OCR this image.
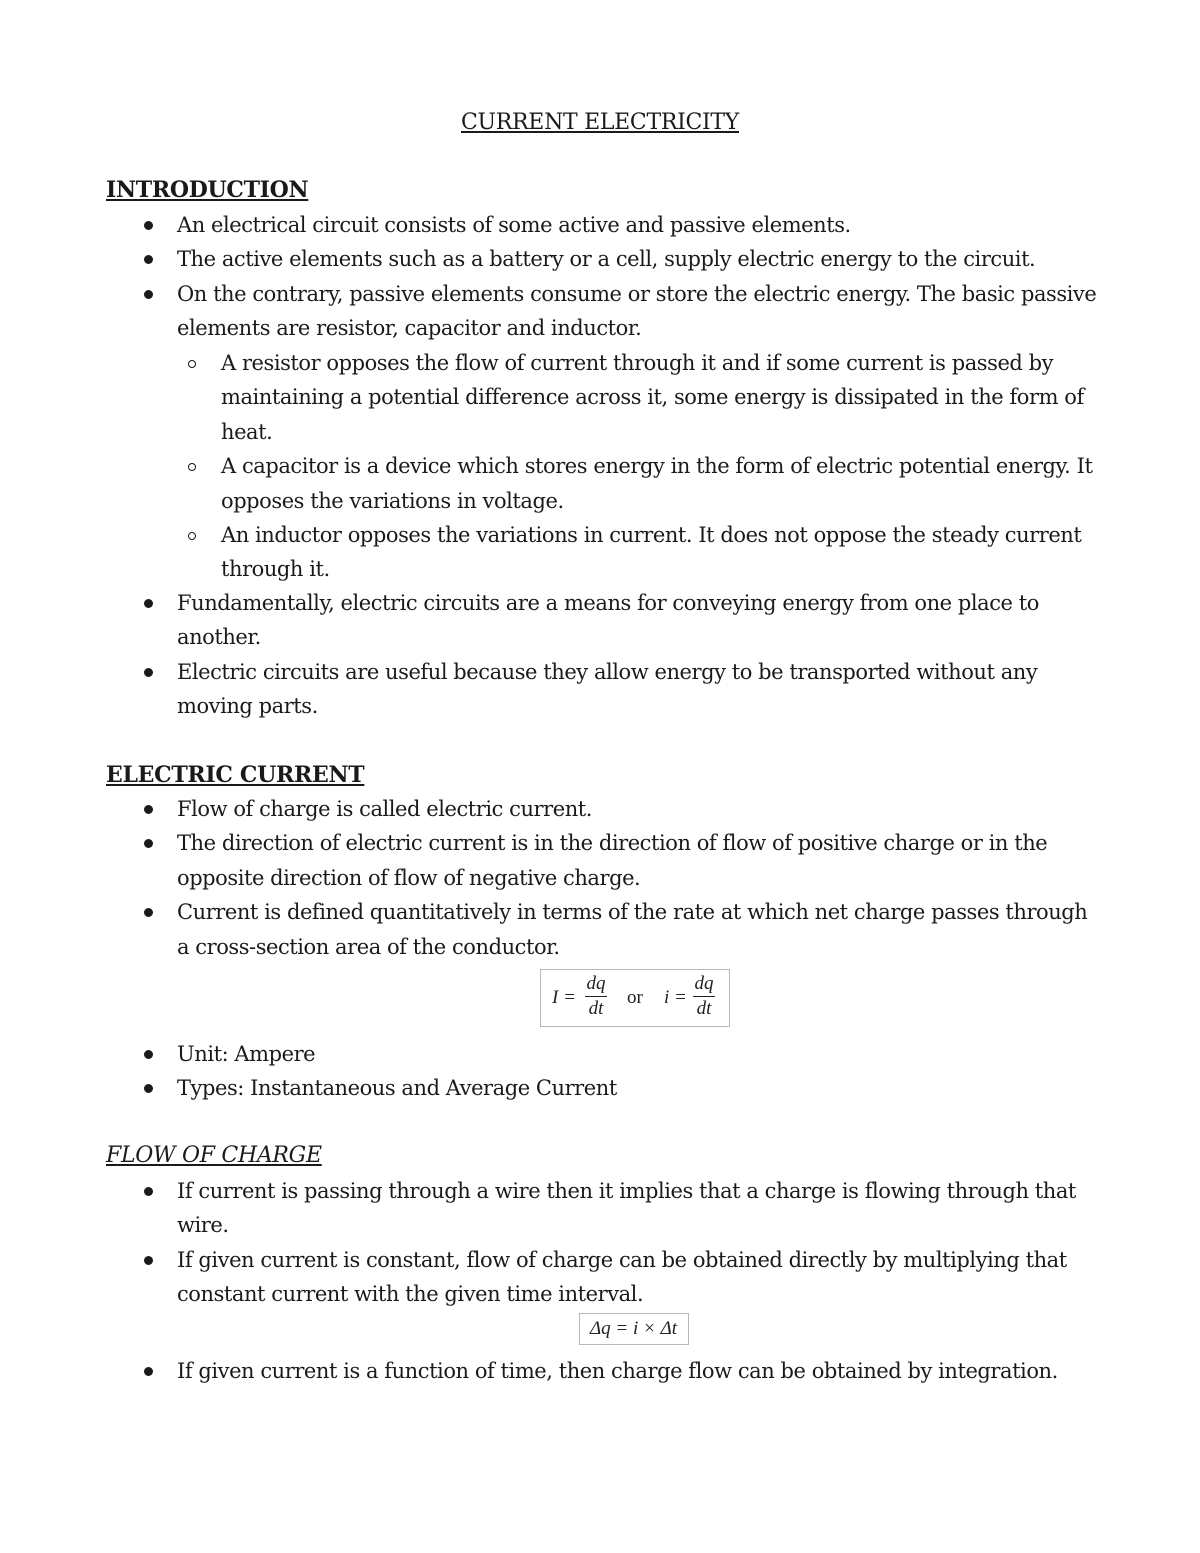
CURRENT ELECTRICITY
INTRODUCTION
An electrical circuit consists of some active and passive elements.
The active elements such as a battery or a cell, supply electric energy to the circuit.
On the contrary, passive elements consume or store the electric energy. The basic passive elements are resistor, capacitor and inductor.
A resistor opposes the flow of current through it and if some current is passed by maintaining a potential difference across it, some energy is dissipated in the form of heat.
A capacitor is a device which stores energy in the form of electric potential energy. It opposes the variations in voltage.
An inductor opposes the variations in current. It does not oppose the steady current through it.
Fundamentally, electric circuits are a means for conveying energy from one place to another.
Electric circuits are useful because they allow energy to be transported without any moving parts.
ELECTRIC CURRENT
Flow of charge is called electric current.
The direction of electric current is in the direction of flow of positive charge or in the opposite direction of flow of negative charge.
Current is defined quantitatively in terms of the rate at which net charge passes through a cross-section area of the conductor.
I =
dq
dt
or i =
dq
dt
Unit: Ampere
Types: Instantaneous and Average Current
FLOW OF CHARGE
If current is passing through a wire then it implies that a charge is flowing through that wire.
If given current is constant, flow of charge can be obtained directly by multiplying that constant current with the given time interval.
Δq = i × Δt
If given current is a function of time, then charge flow can be obtained by integration.
